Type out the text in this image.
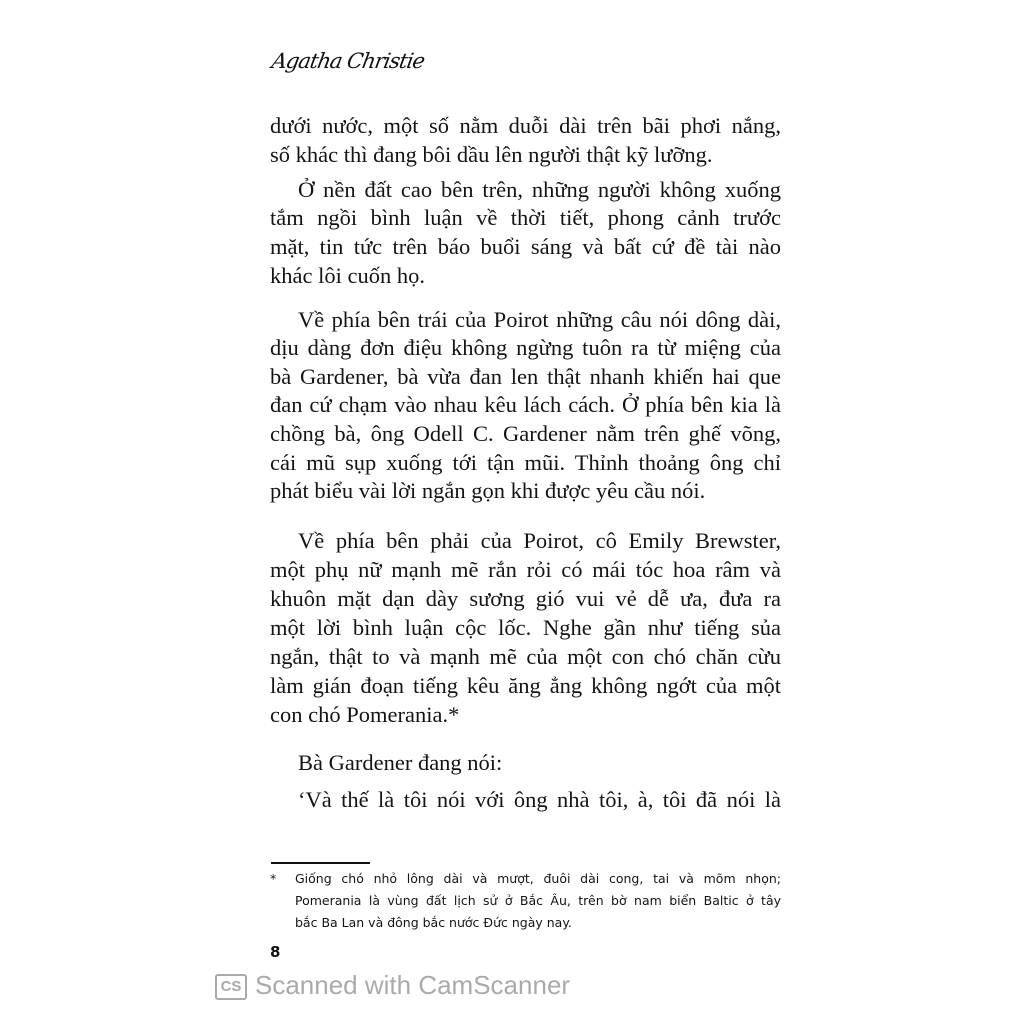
Agatha Christie
dưới nước, một số nằm duỗi dài trên bãi phơi nắng,
số khác thì đang bôi dầu lên người thật kỹ lưỡng.
Ở nền đất cao bên trên, những người không xuống
tắm ngồi bình luận về thời tiết, phong cảnh trước
mặt, tin tức trên báo buổi sáng và bất cứ đề tài nào
khác lôi cuốn họ.
Về phía bên trái của Poirot những câu nói dông dài,
dịu dàng đơn điệu không ngừng tuôn ra từ miệng của
bà Gardener, bà vừa đan len thật nhanh khiến hai que
đan cứ chạm vào nhau kêu lách cách. Ở phía bên kia là
chồng bà, ông Odell C. Gardener nằm trên ghế võng,
cái mũ sụp xuống tới tận mũi. Thỉnh thoảng ông chỉ
phát biểu vài lời ngắn gọn khi được yêu cầu nói.
Về phía bên phải của Poirot, cô Emily Brewster,
một phụ nữ mạnh mẽ rắn rỏi có mái tóc hoa râm và
khuôn mặt dạn dày sương gió vui vẻ dễ ưa, đưa ra
một lời bình luận cộc lốc. Nghe gần như tiếng sủa
ngắn, thật to và mạnh mẽ của một con chó chăn cừu
làm gián đoạn tiếng kêu ăng ẳng không ngớt của một
con chó Pomerania.*
Bà Gardener đang nói:
‘Và thế là tôi nói với ông nhà tôi, à, tôi đã nói là
* Giống chó nhỏ lông dài và mượt, đuôi dài cong, tai và mõm nhọn;
Pomerania là vùng đất lịch sử ở Bắc Âu, trên bờ nam biển Baltic ở tây
bắc Ba Lan và đông bắc nước Đức ngày nay.
8
CS Scanned with CamScanner
